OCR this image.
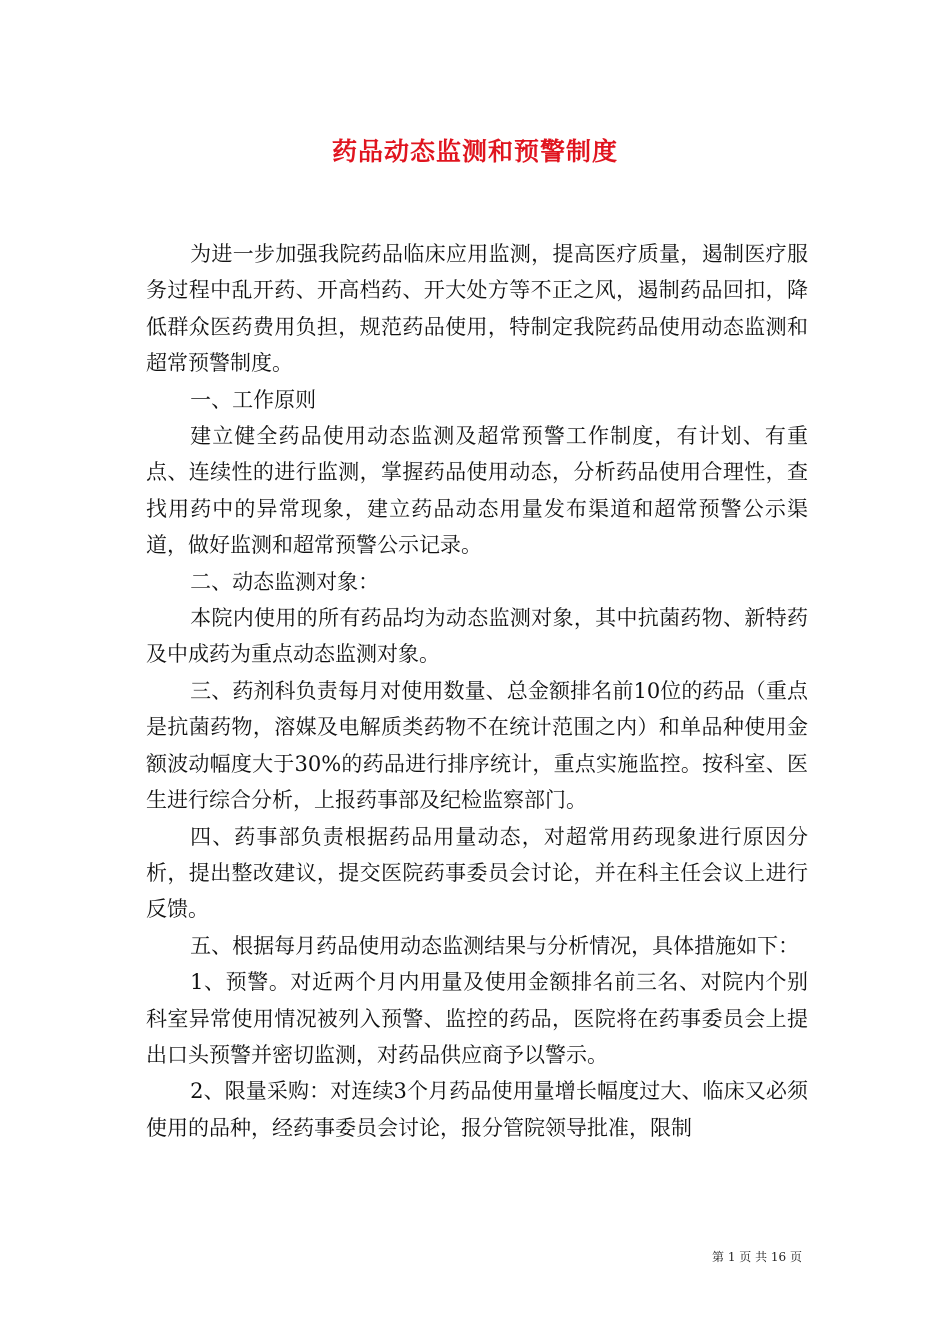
药品动态监测和预警制度

为进一步加强我院药品临床应用监测，提高医疗质量，遏制医疗服务过程中乱开药、开高档药、开大处方等不正之风，遏制药品回扣，降低群众医药费用负担，规范药品使用，特制定我院药品使用动态监测和超常预警制度。

一、工作原则

建立健全药品使用动态监测及超常预警工作制度，有计划、有重点、连续性的进行监测，掌握药品使用动态，分析药品使用合理性，查找用药中的异常现象，建立药品动态用量发布渠道和超常预警公示渠道，做好监测和超常预警公示记录。

二、动态监测对象：

本院内使用的所有药品均为动态监测对象，其中抗菌药物、新特药及中成药为重点动态监测对象。

三、药剂科负责每月对使用数量、总金额排名前10位的药品（重点是抗菌药物，溶媒及电解质类药物不在统计范围之内）和单品种使用金额波动幅度大于30%的药品进行排序统计，重点实施监控。按科室、医生进行综合分析，上报药事部及纪检监察部门。

四、药事部负责根据药品用量动态，对超常用药现象进行原因分析，提出整改建议，提交医院药事委员会讨论，并在科主任会议上进行反馈。

五、根据每月药品使用动态监测结果与分析情况，具体措施如下：

1、预警。对近两个月内用量及使用金额排名前三名、对院内个别科室异常使用情况被列入预警、监控的药品，医院将在药事委员会上提出口头预警并密切监测，对药品供应商予以警示。

2、限量采购：对连续3个月药品使用量增长幅度过大、临床又必须使用的品种，经药事委员会讨论，报分管院领导批准，限制

第 1 页 共 16 页
